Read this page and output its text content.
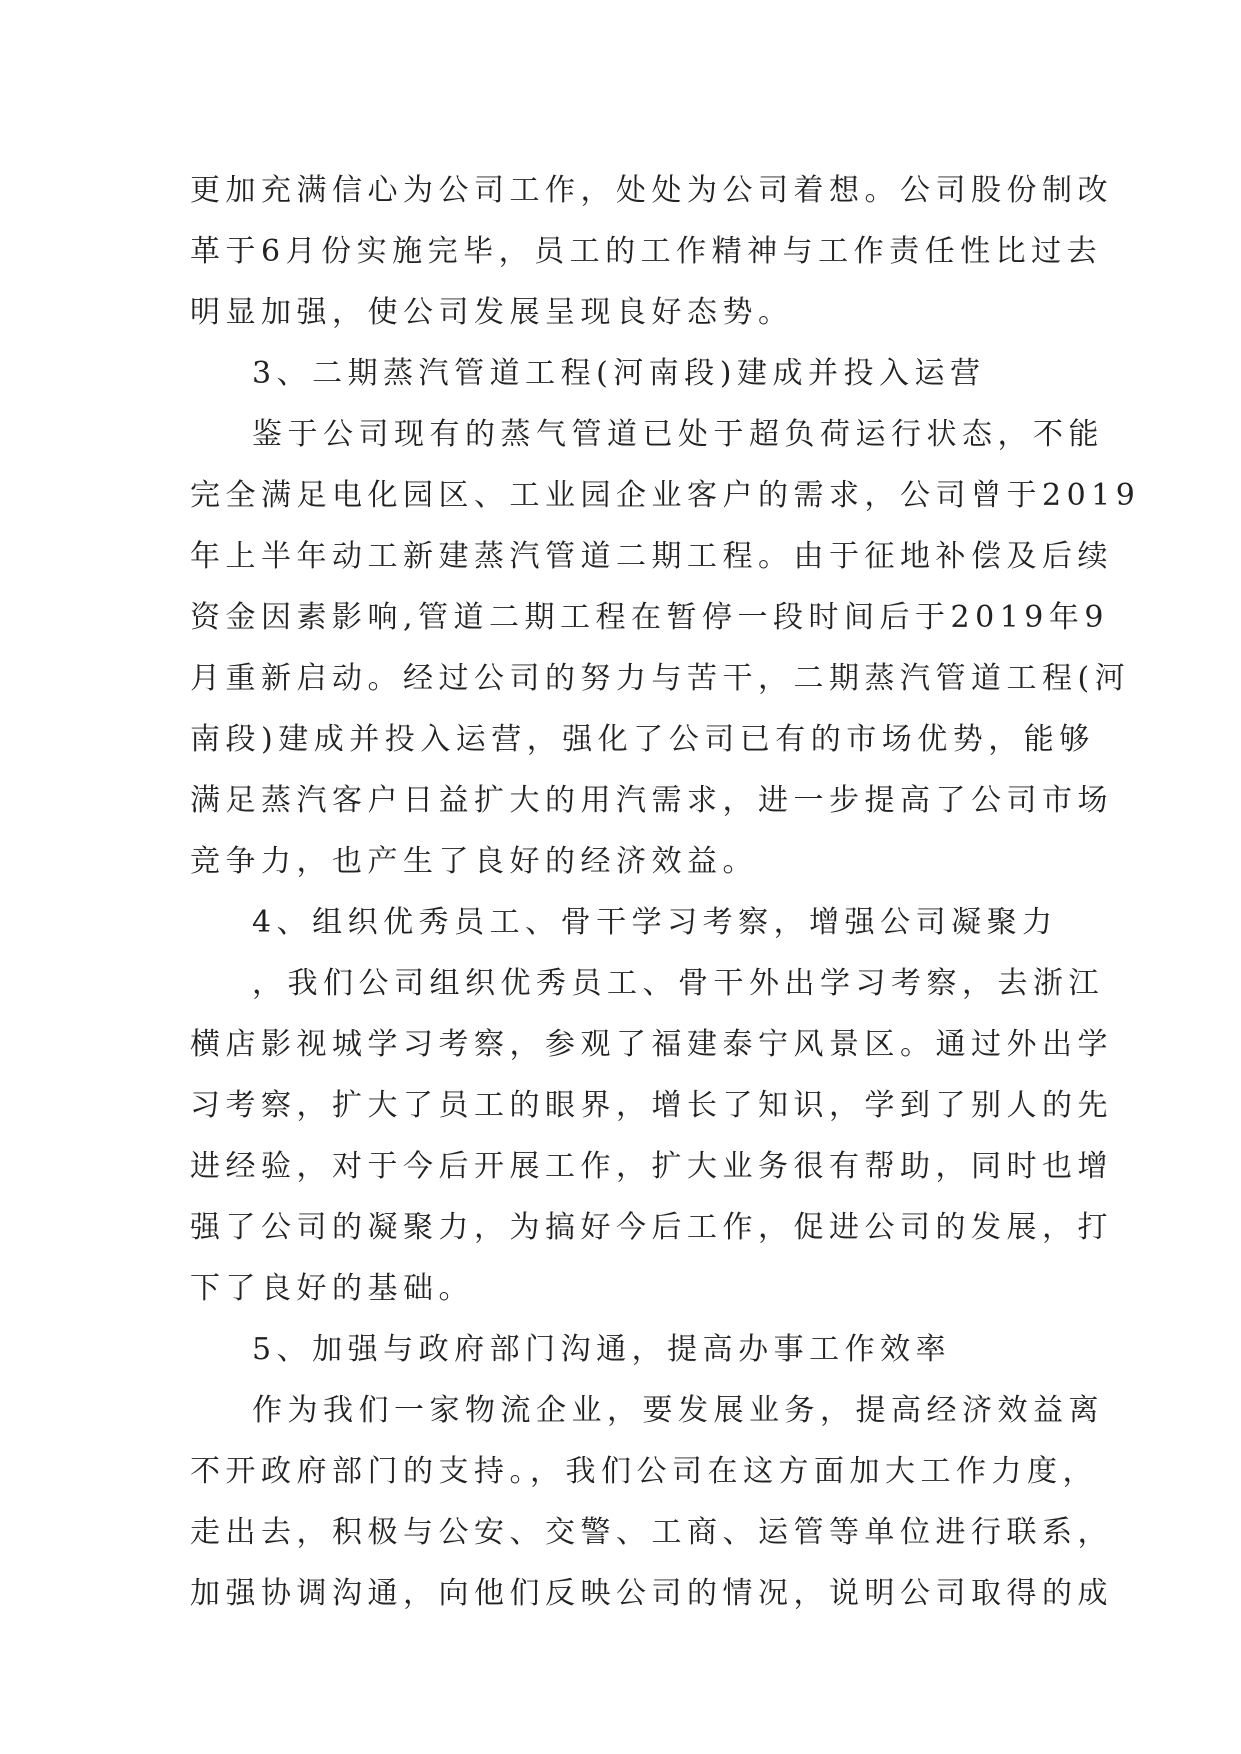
更加充满信心为公司工作，处处为公司着想。公司股份制改
革于6月份实施完毕，员工的工作精神与工作责任性比过去
明显加强，使公司发展呈现良好态势。
3、二期蒸汽管道工程(河南段)建成并投入运营
鉴于公司现有的蒸气管道已处于超负荷运行状态，不能
完全满足电化园区、工业园企业客户的需求，公司曾于2019
年上半年动工新建蒸汽管道二期工程。由于征地补偿及后续
资金因素影响,管道二期工程在暂停一段时间后于2019年9
月重新启动。经过公司的努力与苦干，二期蒸汽管道工程(河
南段)建成并投入运营，强化了公司已有的市场优势，能够
满足蒸汽客户日益扩大的用汽需求，进一步提高了公司市场
竞争力，也产生了良好的经济效益。
4、组织优秀员工、骨干学习考察，增强公司凝聚力
，我们公司组织优秀员工、骨干外出学习考察，去浙江
横店影视城学习考察，参观了福建泰宁风景区。通过外出学
习考察，扩大了员工的眼界，增长了知识，学到了别人的先
进经验，对于今后开展工作，扩大业务很有帮助，同时也增
强了公司的凝聚力，为搞好今后工作，促进公司的发展，打
下了良好的基础。
5、加强与政府部门沟通，提高办事工作效率
作为我们一家物流企业，要发展业务，提高经济效益离
不开政府部门的支持。，我们公司在这方面加大工作力度，
走出去，积极与公安、交警、工商、运管等单位进行联系，
加强协调沟通，向他们反映公司的情况，说明公司取得的成
